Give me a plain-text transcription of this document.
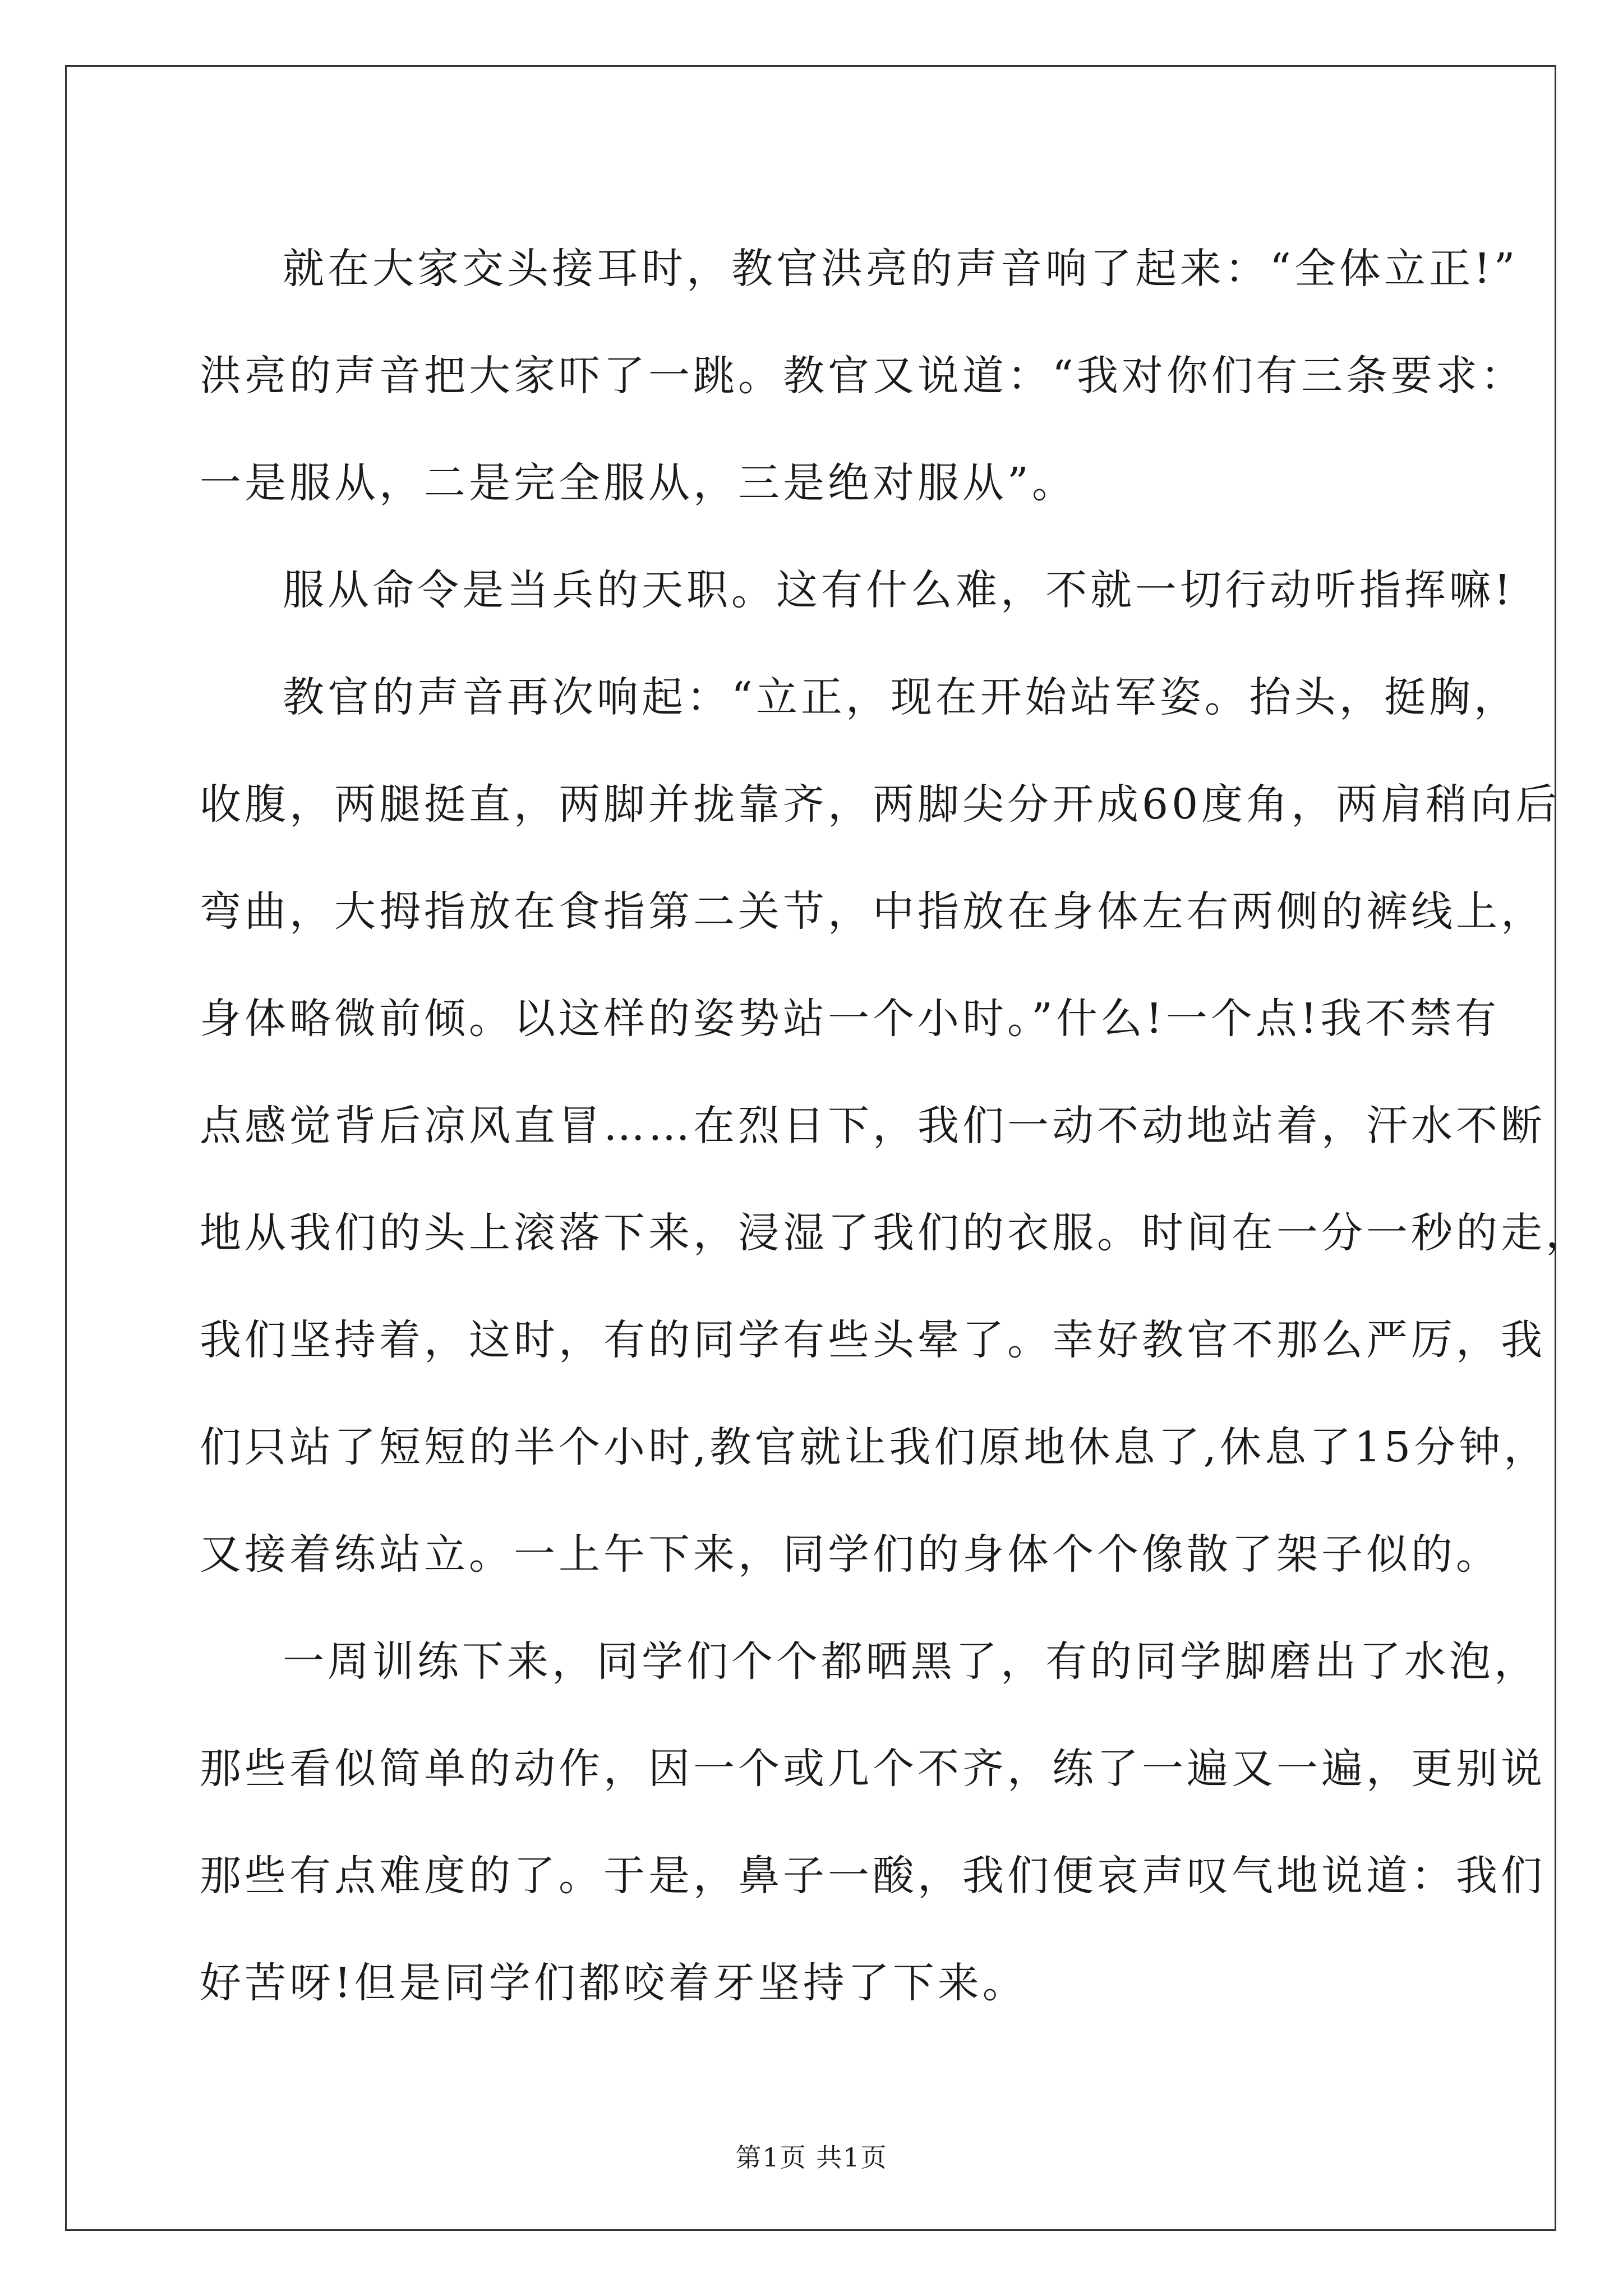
就在大家交头接耳时，教官洪亮的声音响了起来：“全体立正!”
洪亮的声音把大家吓了一跳。教官又说道：“我对你们有三条要求：
一是服从，二是完全服从，三是绝对服从”。

服从命令是当兵的天职。这有什么难，不就一切行动听指挥嘛!

教官的声音再次响起：“立正，现在开始站军姿。抬头，挺胸，
收腹，两腿挺直，两脚并拢靠齐，两脚尖分开成60度角，两肩稍向后
弯曲，大拇指放在食指第二关节，中指放在身体左右两侧的裤线上，
身体略微前倾。以这样的姿势站一个小时。”什么!一个点!我不禁有
点感觉背后凉风直冒……在烈日下，我们一动不动地站着，汗水不断
地从我们的头上滚落下来，浸湿了我们的衣服。时间在一分一秒的走，
我们坚持着，这时，有的同学有些头晕了。幸好教官不那么严厉，我
们只站了短短的半个小时,教官就让我们原地休息了,休息了15分钟，
又接着练站立。一上午下来，同学们的身体个个像散了架子似的。

一周训练下来，同学们个个都晒黑了，有的同学脚磨出了水泡，
那些看似简单的动作，因一个或几个不齐，练了一遍又一遍，更别说
那些有点难度的了。于是，鼻子一酸，我们便哀声叹气地说道：我们
好苦呀!但是同学们都咬着牙坚持了下来。

第1页 共1页
